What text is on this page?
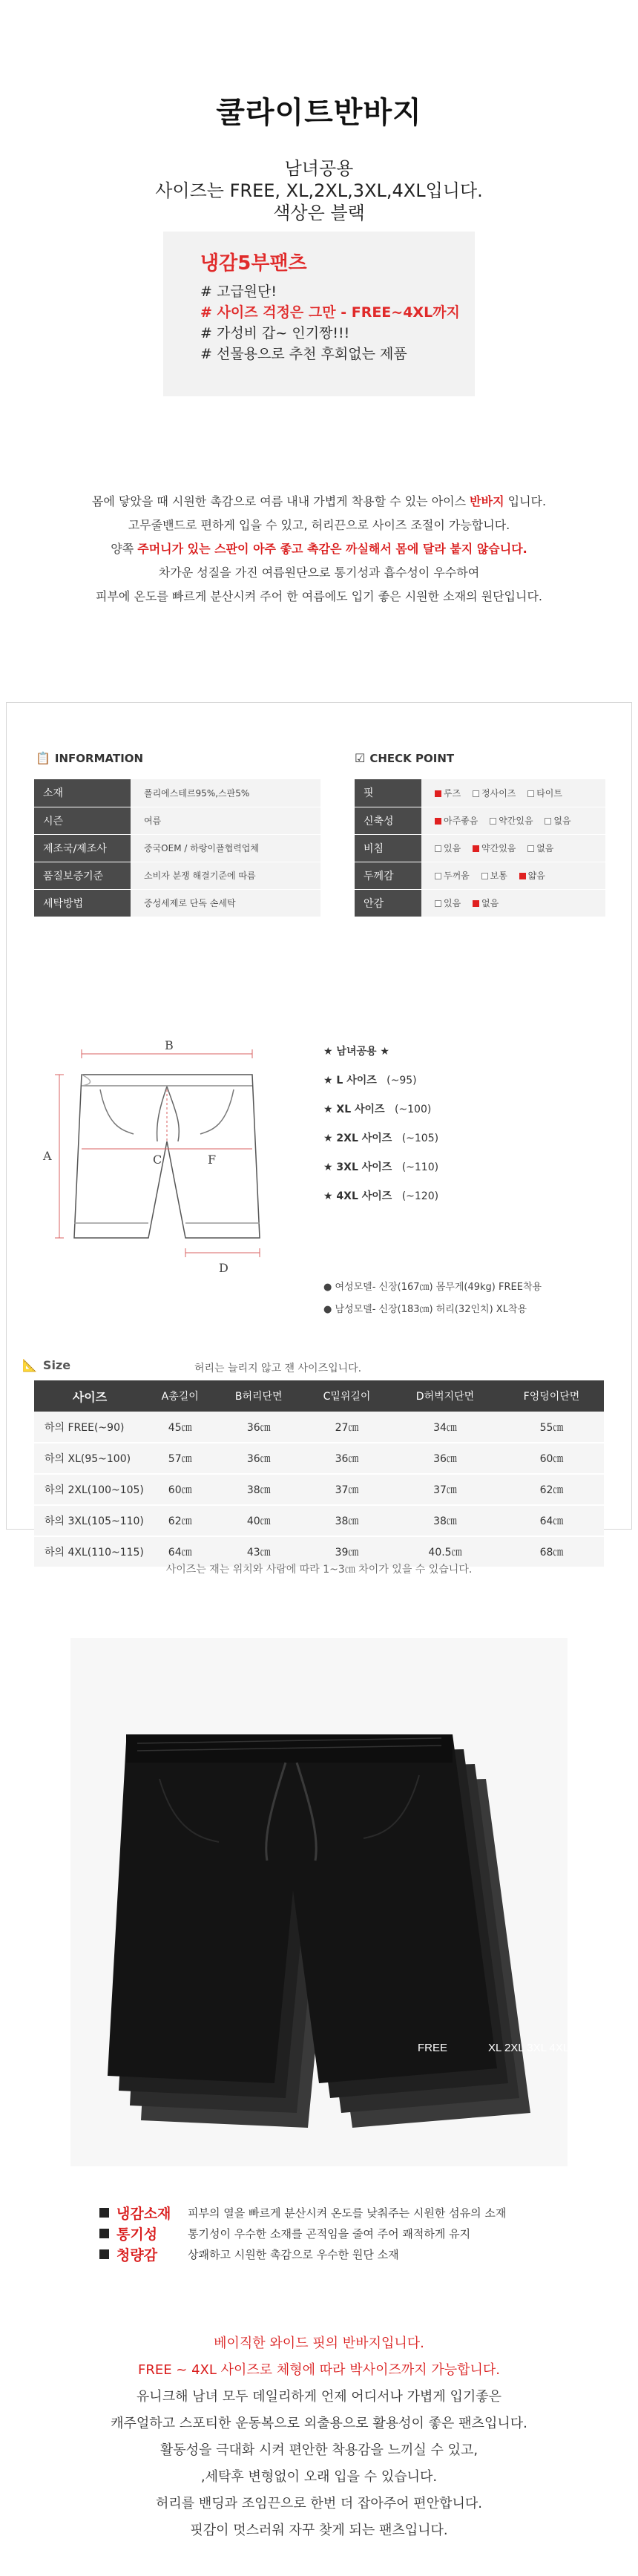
쿨라이트반바지
남녀공용
사이즈는 FREE, XL,2XL,3XL,4XL입니다.
색상은 블랙
냉감5부팬츠
# 고급원단!
# 사이즈 걱정은 그만 - FREE~4XL까지
# 가성비 갑~ 인기짱!!!
# 선물용으로 추천 후회없는 제품
몸에 닿았을 때 시원한 촉감으로 여름 내내 가볍게 착용할 수 있는 아이스 반바지 입니다.
고무줄밴드로 편하게 입을 수 있고, 허리끈으로 사이즈 조절이 가능합니다.
양쪽 주머니가 있는 스판이 아주 좋고 촉감은 까실해서 몸에 달라 붙지 않습니다.
차가운 성질을 가진 여름원단으로 통기성과 흡수성이 우수하여
피부에 온도를 빠르게 분산시켜 주어 한 여름에도 입기 좋은 시원한 소재의 원단입니다.
📋 INFORMATION	☑ CHECK POINT
소재	폴리에스테르95%,스판5%
시즌	여름
제조국/제조사	중국OEM / 하랑이플협력업체
품질보증기준	소비자 분쟁 해결기준에 따름
세탁방법	중성세제로 단독 손세탁
핏	루즈 정사이즈 타이트
신축성	아주좋음 약간있음 없음
비침	있음 약간있음 없음
두께감	두꺼움 보통 얇음
안감	있음 없음
B
A	C	F
D
★ 남녀공용 ★
★ L 사이즈 (~95)
★ XL 사이즈 (~100)
★ 2XL 사이즈 (~105)
★ 3XL 사이즈 (~110)
★ 4XL 사이즈 (~120)
● 여성모델- 신장(167㎝) 몸무게(49kg) FREE착용
● 남성모델- 신장(183㎝) 허리(32인치) XL착용
📐 Size	허리는 늘리지 않고 잰 사이즈입니다.
사이즈	A총길이	B허리단면	C밑위길이	D허벅지단면	F엉덩이단면
하의 FREE(~90)	45㎝	36㎝	27㎝	34㎝	55㎝
하의 XL(95~100)	57㎝	36㎝	36㎝	36㎝	60㎝
하의 2XL(100~105)	60㎝	38㎝	37㎝	37㎝	62㎝
하의 3XL(105~110)	62㎝	40㎝	38㎝	38㎝	64㎝
하의 4XL(110~115)	64㎝	43㎝	39㎝	40.5㎝	68㎝
사이즈는 재는 위치와 사람에 따라 1~3㎝ 차이가 있을 수 있습니다.
FREE	XL 2XL 3XL 4XL
냉감소재	피부의 열을 빠르게 분산시켜 온도를 낮춰주는 시원한 섬유의 소재
통기성	통기성이 우수한 소재를 곤적임을 줄여 주어 쾌적하게 유지
청량감	상쾌하고 시원한 촉감으로 우수한 원단 소재
베이직한 와이드 핏의 반바지입니다.
FREE ~ 4XL 사이즈로 체형에 따라 박사이즈까지 가능합니다.
유니크해 남녀 모두 데일리하게 언제 어디서나 가볍게 입기좋은
캐주얼하고 스포티한 운동복으로 외출용으로 활용성이 좋은 팬츠입니다.
활동성을 극대화 시켜 편안한 착용감을 느끼실 수 있고,
,세탁후 변형없이 오래 입을 수 있습니다.
허리를 밴딩과 조임끈으로 한번 더 잡아주어 편안합니다.
핏감이 멋스러워 자꾸 찾게 되는 팬츠입니다.
